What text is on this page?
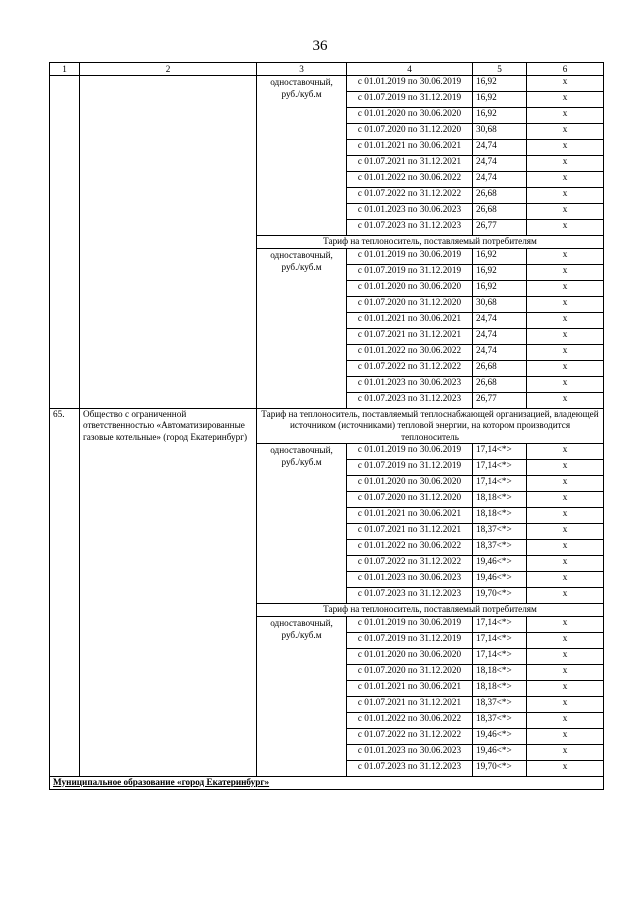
36
1	2	3	4	5	6
		одноставочный, руб./куб.м	с 01.01.2019 по 30.06.2019	16,92	х
			с 01.07.2019 по 31.12.2019	16,92	х
			с 01.01.2020 по 30.06.2020	16,92	х
			с 01.07.2020 по 31.12.2020	30,68	х
			с 01.01.2021 по 30.06.2021	24,74	х
			с 01.07.2021 по 31.12.2021	24,74	х
			с 01.01.2022 по 30.06.2022	24,74	х
			с 01.07.2022 по 31.12.2022	26,68	х
			с 01.01.2023 по 30.06.2023	26,68	х
			с 01.07.2023 по 31.12.2023	26,77	х
		Тариф на теплоноситель, поставляемый потребителям			
		одноставочный, руб./куб.м	с 01.01.2019 по 30.06.2019	16,92	х
			с 01.07.2019 по 31.12.2019	16,92	х
			с 01.01.2020 по 30.06.2020	16,92	х
			с 01.07.2020 по 31.12.2020	30,68	х
			с 01.01.2021 по 30.06.2021	24,74	х
			с 01.07.2021 по 31.12.2021	24,74	х
			с 01.01.2022 по 30.06.2022	24,74	х
			с 01.07.2022 по 31.12.2022	26,68	х
			с 01.01.2023 по 30.06.2023	26,68	х
			с 01.07.2023 по 31.12.2023	26,77	х
65.	Общество с ограниченной ответственностью «Автоматизированные газовые котельные» (город Екатеринбург)	Тариф на теплоноситель, поставляемый теплоснабжающей организацией, владеющей источником (источниками) тепловой энергии, на котором производится теплоноситель			
		одноставочный, руб./куб.м	с 01.01.2019 по 30.06.2019	17,14<*>	х
			с 01.07.2019 по 31.12.2019	17,14<*>	х
			с 01.01.2020 по 30.06.2020	17,14<*>	х
			с 01.07.2020 по 31.12.2020	18,18<*>	х
			с 01.01.2021 по 30.06.2021	18,18<*>	х
			с 01.07.2021 по 31.12.2021	18,37<*>	х
			с 01.01.2022 по 30.06.2022	18,37<*>	х
			с 01.07.2022 по 31.12.2022	19,46<*>	х
			с 01.01.2023 по 30.06.2023	19,46<*>	х
			с 01.07.2023 по 31.12.2023	19,70<*>	х
		Тариф на теплоноситель, поставляемый потребителям			
		одноставочный, руб./куб.м	с 01.01.2019 по 30.06.2019	17,14<*>	х
			с 01.07.2019 по 31.12.2019	17,14<*>	х
			с 01.01.2020 по 30.06.2020	17,14<*>	х
			с 01.07.2020 по 31.12.2020	18,18<*>	х
			с 01.01.2021 по 30.06.2021	18,18<*>	х
			с 01.07.2021 по 31.12.2021	18,37<*>	х
			с 01.01.2022 по 30.06.2022	18,37<*>	х
			с 01.07.2022 по 31.12.2022	19,46<*>	х
			с 01.01.2023 по 30.06.2023	19,46<*>	х
			с 01.07.2023 по 31.12.2023	19,70<*>	х
Муниципальное образование «город Екатеринбург»					
